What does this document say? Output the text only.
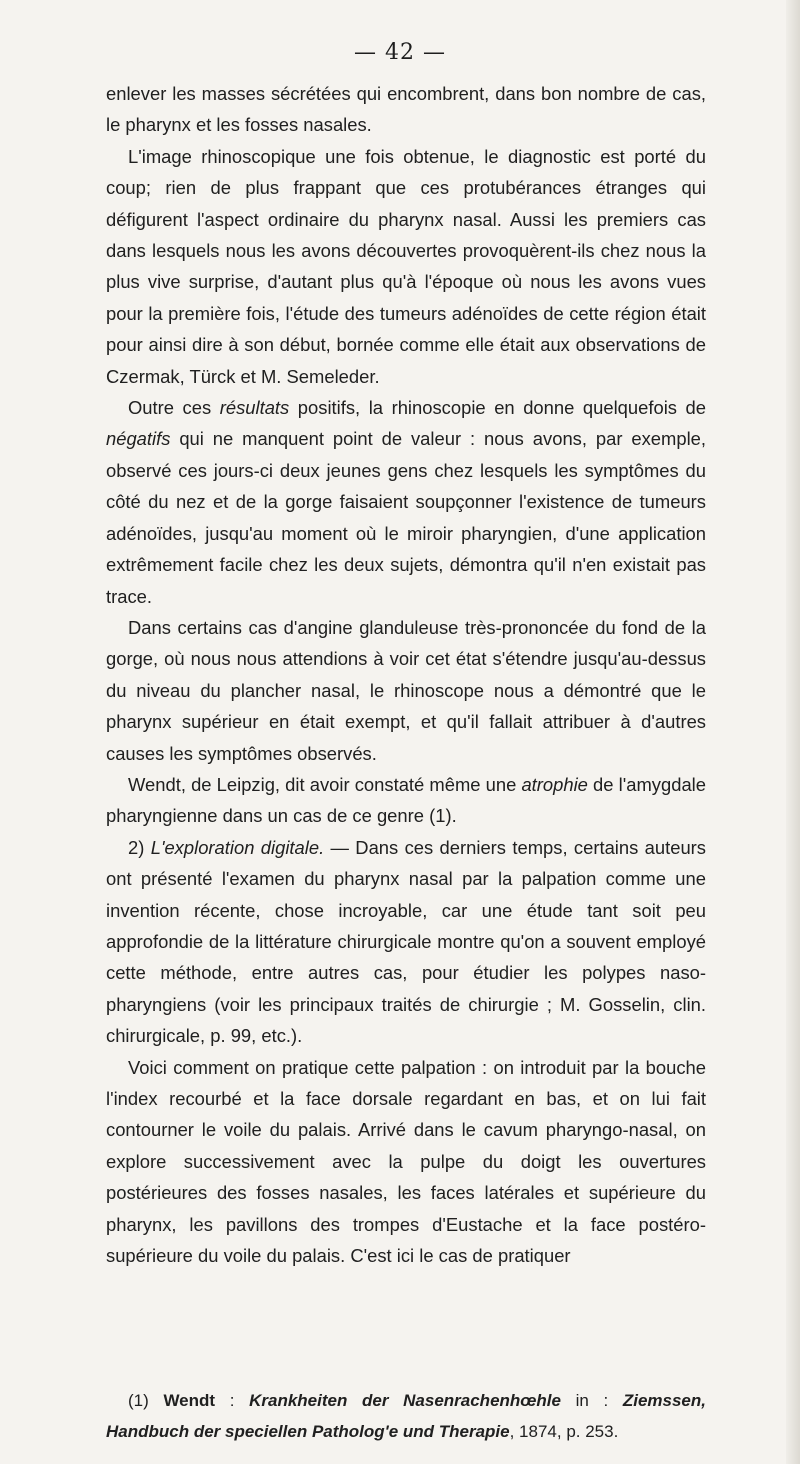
— 42 —

enlever les masses sécrétées qui encombrent, dans bon nombre de cas, le pharynx et les fosses nasales.

L'image rhinoscopique une fois obtenue, le diagnostic est porté du coup; rien de plus frappant que ces protubérances étranges qui défigurent l'aspect ordinaire du pharynx nasal. Aussi les premiers cas dans lesquels nous les avons découvertes provoquèrent-ils chez nous la plus vive surprise, d'autant plus qu'à l'époque où nous les avons vues pour la première fois, l'étude des tumeurs adénoïdes de cette région était pour ainsi dire à son début, bornée comme elle était aux observations de Czermak, Türck et M. Semeleder.

Outre ces résultats positifs, la rhinoscopie en donne quelquefois de négatifs qui ne manquent point de valeur : nous avons, par exemple, observé ces jours-ci deux jeunes gens chez lesquels les symptômes du côté du nez et de la gorge faisaient soupçonner l'existence de tumeurs adénoïdes, jusqu'au moment où le miroir pharyngien, d'une application extrêmement facile chez les deux sujets, démontra qu'il n'en existait pas trace.

Dans certains cas d'angine glanduleuse très-prononcée du fond de la gorge, où nous nous attendions à voir cet état s'étendre jusqu'au-dessus du niveau du plancher nasal, le rhinoscope nous a démontré que le pharynx supérieur en était exempt, et qu'il fallait attribuer à d'autres causes les symptômes observés.

Wendt, de Leipzig, dit avoir constaté même une atrophie de l'amygdale pharyngienne dans un cas de ce genre (1).

2) L'exploration digitale. — Dans ces derniers temps, certains auteurs ont présenté l'examen du pharynx nasal par la palpation comme une invention récente, chose incroyable, car une étude tant soit peu approfondie de la littérature chirurgicale montre qu'on a souvent employé cette méthode, entre autres cas, pour étudier les polypes naso-pharyngiens (voir les principaux traités de chirurgie ; M. Gosselin, clin. chirurgicale, p. 99, etc.).

Voici comment on pratique cette palpation : on introduit par la bouche l'index recourbé et la face dorsale regardant en bas, et on lui fait contourner le voile du palais. Arrivé dans le cavum pharyngo-nasal, on explore successivement avec la pulpe du doigt les ouvertures postérieures des fosses nasales, les faces latérales et supérieure du pharynx, les pavillons des trompes d'Eustache et la face postéro-supérieure du voile du palais. C'est ici le cas de pratiquer

(1) Wendt : Krankheiten der Nasenrachenhœhle in : Ziemssen, Handbuch der speciellen Patholog'e und Therapie, 1874, p. 253.
